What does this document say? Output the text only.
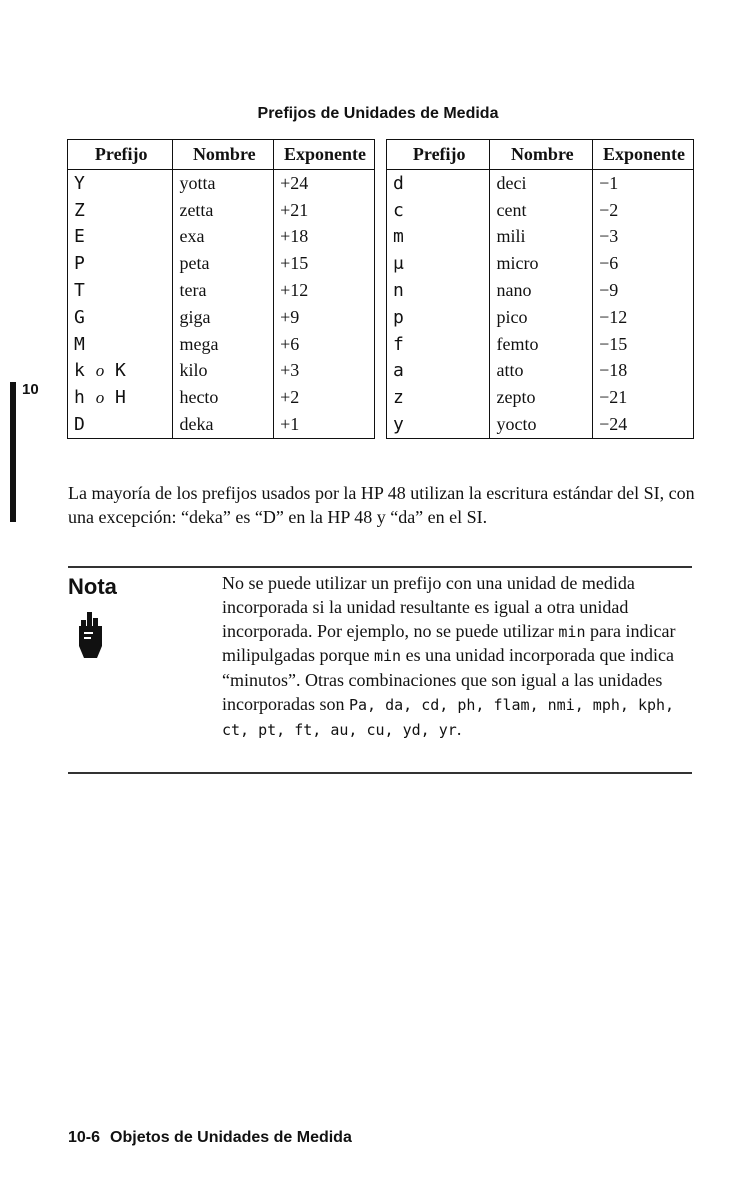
Prefijos de Unidades de Medida
10
Prefijo	Nombre	Exponente
Y	yotta	+24
Z	zetta	+21
E	exa	+18
P	peta	+15
T	tera	+12
G	giga	+9
M	mega	+6
k o K	kilo	+3
h o H	hecto	+2
D	deka	+1
Prefijo	Nombre	Exponente
d	deci	−1
c	cent	−2
m	mili	−3
μ	micro	−6
n	nano	−9
p	pico	−12
f	femto	−15
a	atto	−18
z	zepto	−21
y	yocto	−24
La mayoría de los prefijos usados por la HP 48 utilizan la escritura estándar del SI, con una excepción: “deka” es “D” en la HP 48 y “da” en el SI.
Nota	No se puede utilizar un prefijo con una unidad de medida incorporada si la unidad resultante es igual a otra unidad incorporada. Por ejemplo, no se puede utilizar min para indicar milipulgadas porque min es una unidad incorporada que indica “minutos”. Otras combinaciones que son igual a las unidades incorporadas son Pa, da, cd, ph, flam, nmi, mph, kph, ct, pt, ft, au, cu, yd, yr.
10-6 Objetos de Unidades de Medida
